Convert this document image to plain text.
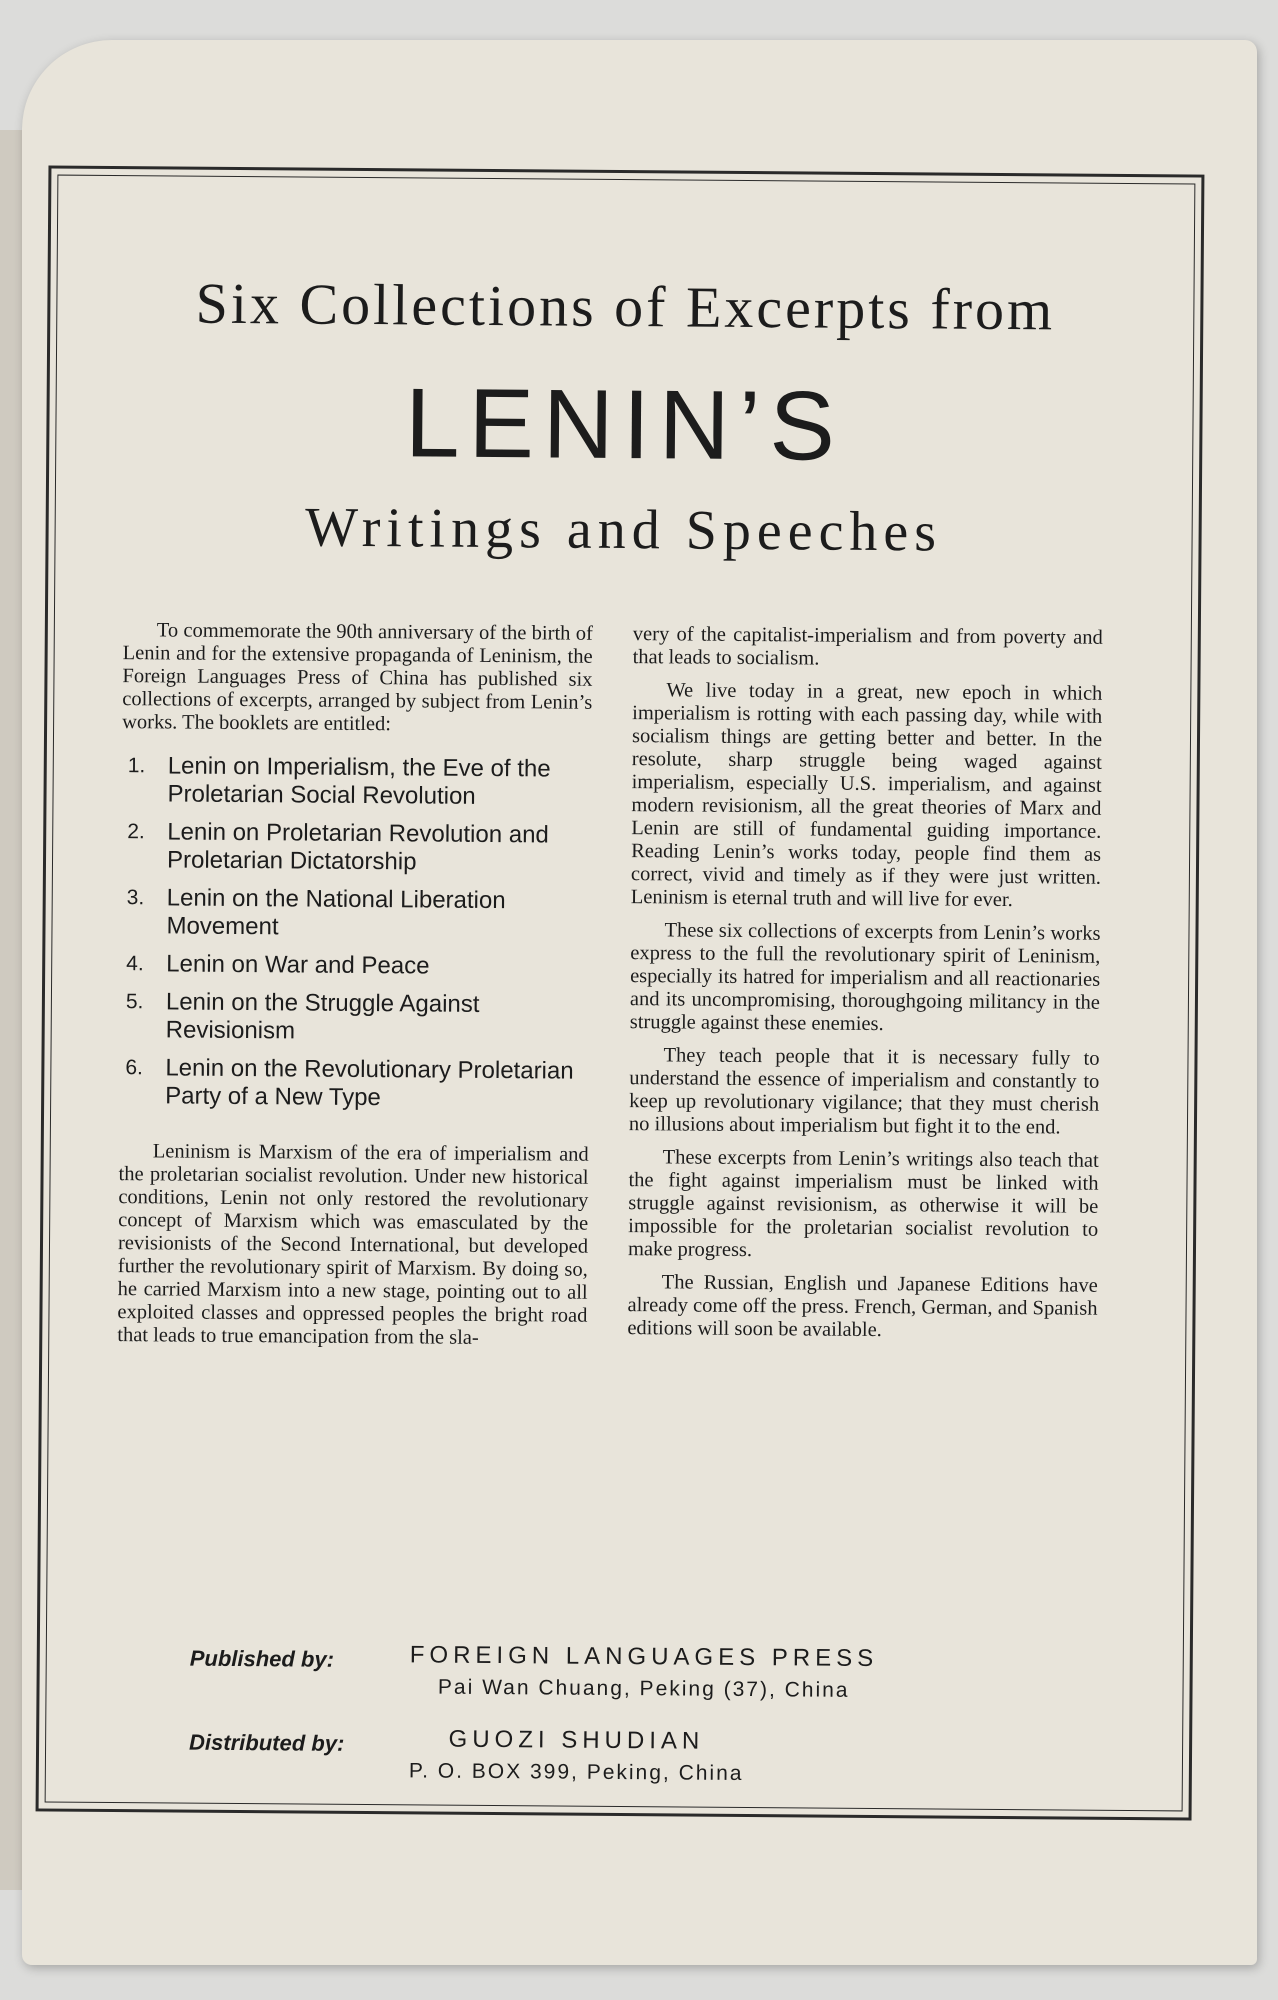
Six Collections of Excerpts from
LENIN’S
Writings and Speeches

To commemorate the 90th anniversary of the birth of Lenin and for the extensive propaganda of Leninism, the Foreign Languages Press of China has published six collections of excerpts, arranged by subject from Lenin’s works. The booklets are entitled:

1. Lenin on Imperialism, the Eve of the Proletarian Social Revolution
2. Lenin on Proletarian Revolution and Proletarian Dictatorship
3. Lenin on the National Liberation Movement
4. Lenin on War and Peace
5. Lenin on the Struggle Against Revisionism
6. Lenin on the Revolutionary Proletarian Party of a New Type

Leninism is Marxism of the era of imperialism and the proletarian socialist revolution. Under new historical conditions, Lenin not only restored the revolutionary concept of Marxism which was emasculated by the revisionists of the Second International, but developed further the revolutionary spirit of Marxism. By doing so, he carried Marxism into a new stage, pointing out to all exploited classes and oppressed peoples the bright road that leads to true emancipation from the sla-

very of the capitalist-imperialism and from poverty and that leads to socialism.

We live today in a great, new epoch in which imperialism is rotting with each passing day, while with socialism things are getting better and better. In the resolute, sharp struggle being waged against imperialism, especially U.S. imperialism, and against modern revisionism, all the great theories of Marx and Lenin are still of fundamental guiding importance. Reading Lenin’s works today, people find them as correct, vivid and timely as if they were just written. Leninism is eternal truth and will live for ever.

These six collections of excerpts from Lenin’s works express to the full the revolutionary spirit of Leninism, especially its hatred for imperialism and all reactionaries and its uncompromising, thoroughgoing militancy in the struggle against these enemies.

They teach people that it is necessary fully to understand the essence of imperialism and constantly to keep up revolutionary vigilance; that they must cherish no illusions about imperialism but fight it to the end.

These excerpts from Lenin’s writings also teach that the fight against imperialism must be linked with struggle against revisionism, as otherwise it will be impossible for the proletarian socialist revolution to make progress.

The Russian, English und Japanese Editions have already come off the press. French, German, and Spanish editions will soon be available.

Published by:	FOREIGN LANGUAGES PRESS
Pai Wan Chuang, Peking (37), China
Distributed by:	GUOZI SHUDIAN
P. O. BOX 399, Peking, China
